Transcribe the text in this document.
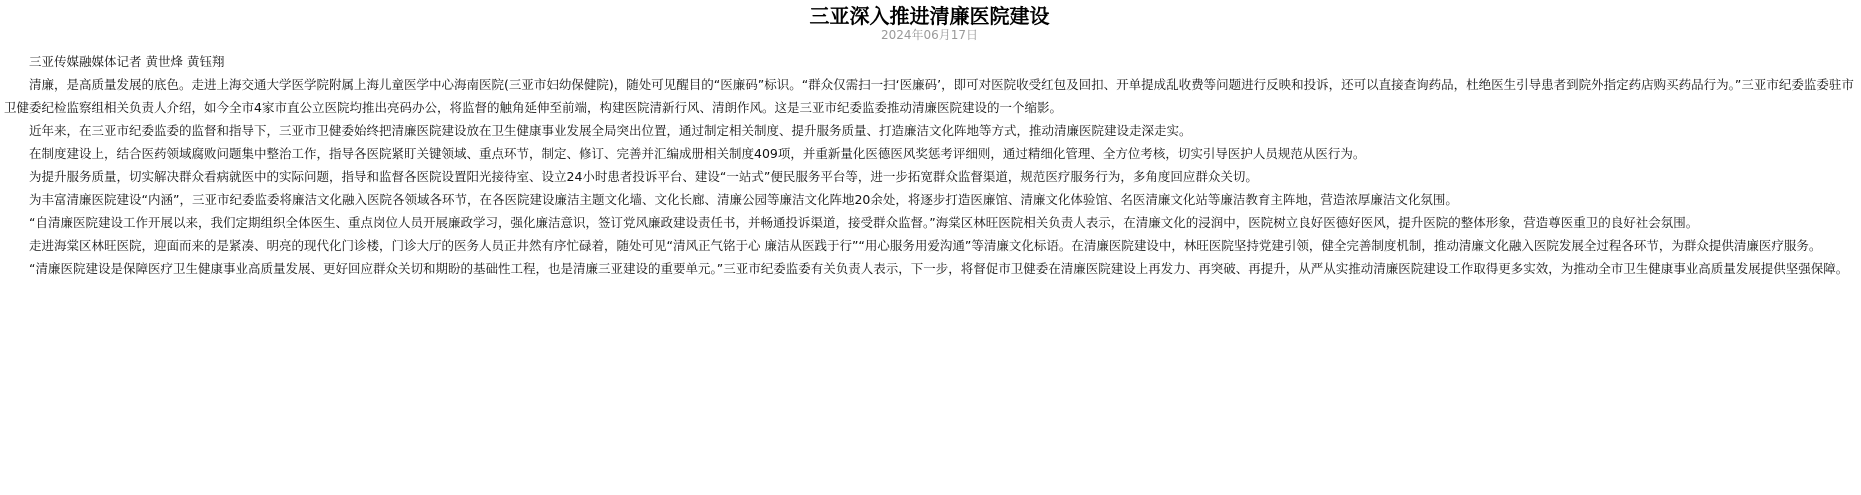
三亚深入推进清廉医院建设
2024年06月17日

三亚传媒融媒体记者 黄世烽 黄钰翔

清廉，是高质量发展的底色。走进上海交通大学医学院附属上海儿童医学中心海南医院(三亚市妇幼保健院)，随处可见醒目的“医廉码”标识。“群众仅需扫一扫‘医廉码’，即可对医院收受红包及回扣、开单提成乱收费等问题进行反映和投诉，还可以直接查询药品，杜绝医生引导患者到院外指定药店购买药品行为。”三亚市纪委监委驻市卫健委纪检监察组相关负责人介绍，如今全市4家市直公立医院均推出亮码办公，将监督的触角延伸至前端，构建医院清新行风、清朗作风。这是三亚市纪委监委推动清廉医院建设的一个缩影。

近年来，在三亚市纪委监委的监督和指导下，三亚市卫健委始终把清廉医院建设放在卫生健康事业发展全局突出位置，通过制定相关制度、提升服务质量、打造廉洁文化阵地等方式，推动清廉医院建设走深走实。

在制度建设上，结合医药领域腐败问题集中整治工作，指导各医院紧盯关键领域、重点环节，制定、修订、完善并汇编成册相关制度409项，并重新量化医德医风奖惩考评细则，通过精细化管理、全方位考核，切实引导医护人员规范从医行为。

为提升服务质量，切实解决群众看病就医中的实际问题，指导和监督各医院设置阳光接待室、设立24小时患者投诉平台、建设“一站式”便民服务平台等，进一步拓宽群众监督渠道，规范医疗服务行为，多角度回应群众关切。

为丰富清廉医院建设“内涵”，三亚市纪委监委将廉洁文化融入医院各领域各环节，在各医院建设廉洁主题文化墙、文化长廊、清廉公园等廉洁文化阵地20余处，将逐步打造医廉馆、清廉文化体验馆、名医清廉文化站等廉洁教育主阵地，营造浓厚廉洁文化氛围。

“自清廉医院建设工作开展以来，我们定期组织全体医生、重点岗位人员开展廉政学习，强化廉洁意识，签订党风廉政建设责任书，并畅通投诉渠道，接受群众监督。”海棠区林旺医院相关负责人表示，在清廉文化的浸润中，医院树立良好医德好医风，提升医院的整体形象，营造尊医重卫的良好社会氛围。

走进海棠区林旺医院，迎面而来的是紧凑、明亮的现代化门诊楼，门诊大厅的医务人员正井然有序忙碌着，随处可见“清风正气铭于心 廉洁从医践于行”“用心服务用爱沟通”等清廉文化标语。在清廉医院建设中，林旺医院坚持党建引领，健全完善制度机制，推动清廉文化融入医院发展全过程各环节，为群众提供清廉医疗服务。

“清廉医院建设是保障医疗卫生健康事业高质量发展、更好回应群众关切和期盼的基础性工程，也是清廉三亚建设的重要单元。”三亚市纪委监委有关负责人表示，下一步，将督促市卫健委在清廉医院建设上再发力、再突破、再提升，从严从实推动清廉医院建设工作取得更多实效，为推动全市卫生健康事业高质量发展提供坚强保障。
